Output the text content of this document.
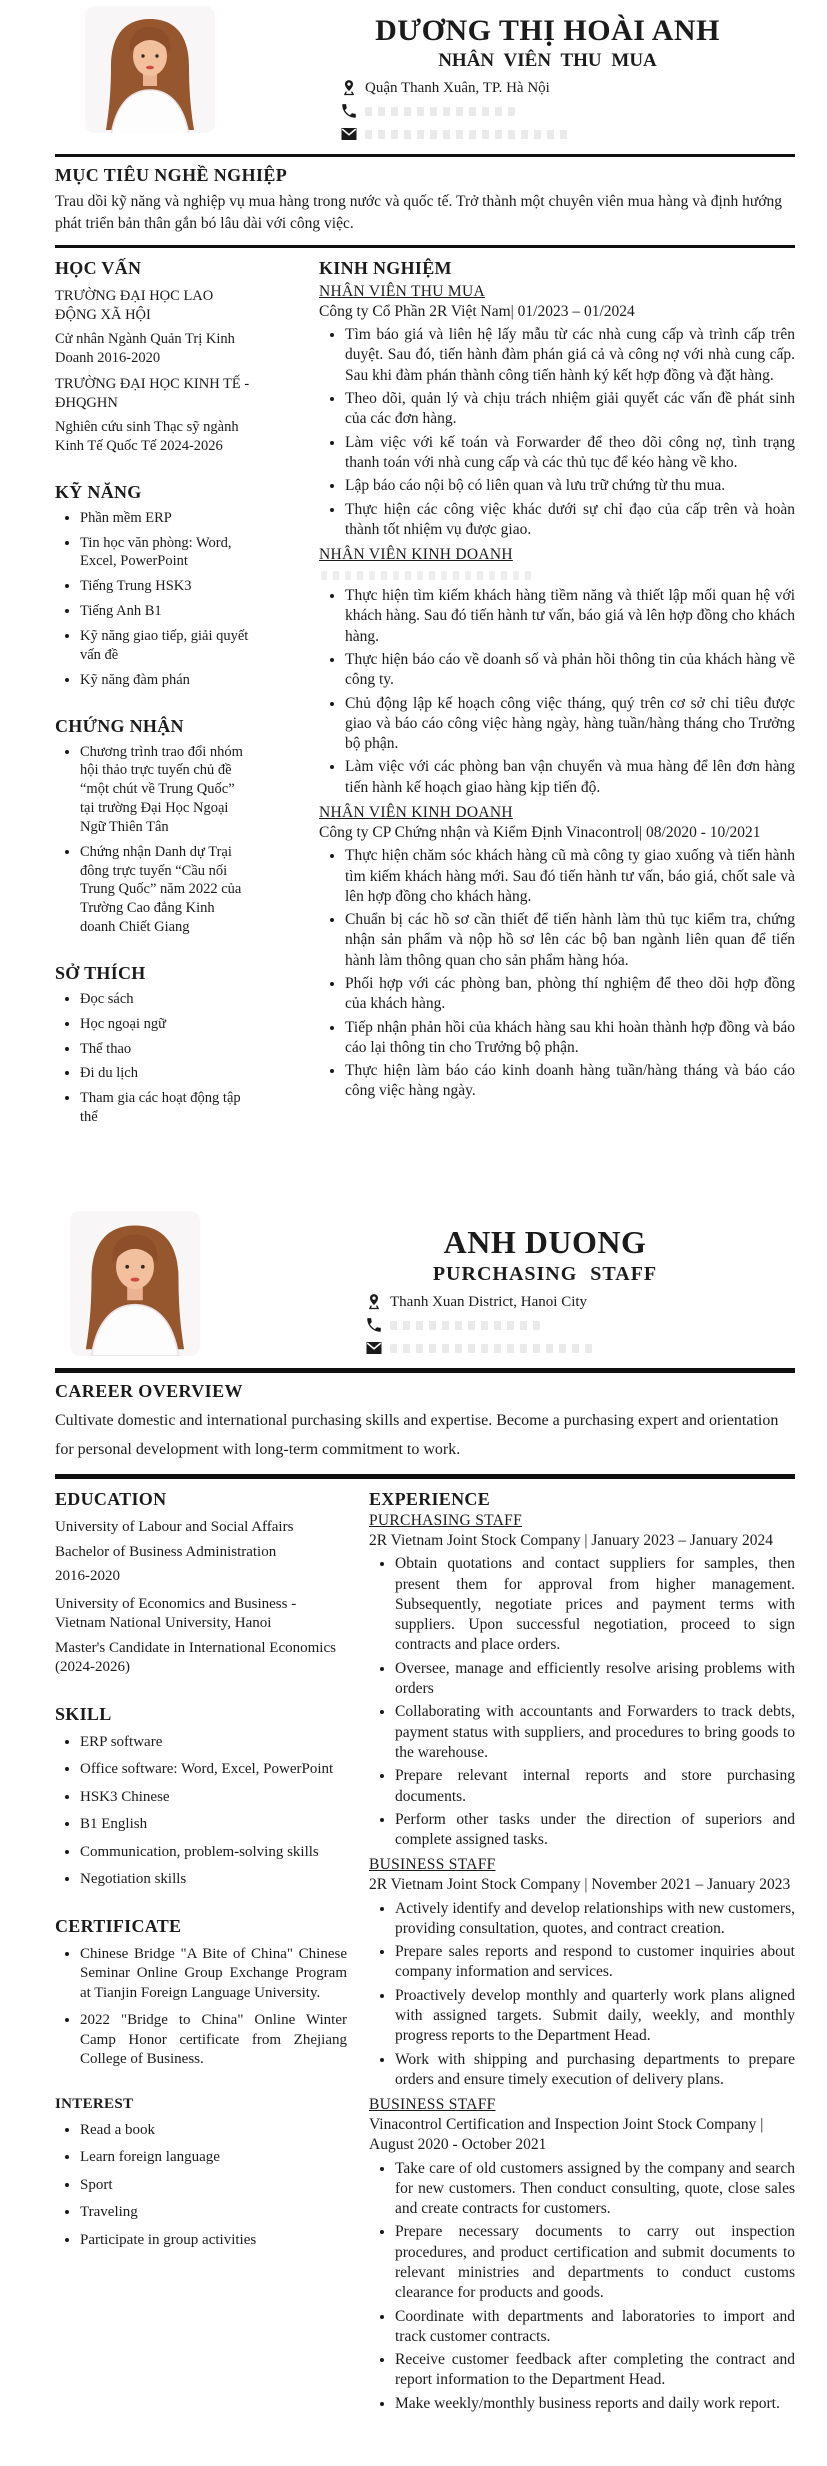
DƯƠNG THỊ HOÀI ANH
NHÂN VIÊN THU MUA
Quận Thanh Xuân, TP. Hà Nội
MỤC TIÊU NGHỀ NGHIỆP

Trau dồi kỹ năng và nghiệp vụ mua hàng trong nước và quốc tế. Trở thành một chuyên viên mua hàng và định hướng phát triển bản thân gắn bó lâu dài với công việc.

HỌC VẤN
TRƯỜNG ĐẠI HỌC LAO ĐỘNG XÃ HỘI
Cử nhân Ngành Quản Trị Kinh Doanh 2016-2020
TRƯỜNG ĐẠI HỌC KINH TẾ - ĐHQGHN
Nghiên cứu sinh Thạc sỹ ngành Kinh Tế Quốc Tế 2024-2026
KỸ NĂNG
• Phần mềm ERP
• Tin học văn phòng: Word, Excel, PowerPoint
• Tiếng Trung HSK3
• Tiếng Anh B1
• Kỹ năng giao tiếp, giải quyết vấn đề
• Kỹ năng đàm phán
CHỨNG NHẬN
• Chương trình trao đổi nhóm hội thảo trực tuyến chủ đề “một chút về Trung Quốc” tại trường Đại Học Ngoại Ngữ Thiên Tân
• Chứng nhận Danh dự Trại đông trực tuyến “Cầu nối Trung Quốc” năm 2022 của Trường Cao đẳng Kinh doanh Chiết Giang
SỞ THÍCH
• Đọc sách
• Học ngoại ngữ
• Thể thao
• Đi du lịch
• Tham gia các hoạt động tập thể
KINH NGHIỆM
NHÂN VIÊN THU MUA
Công ty Cổ Phần 2R Việt Nam| 01/2023 – 01/2024
• Tìm báo giá và liên hệ lấy mẫu từ các nhà cung cấp và trình cấp trên duyệt. Sau đó, tiến hành đàm phán giá cả và công nợ với nhà cung cấp. Sau khi đàm phán thành công tiến hành ký kết hợp đồng và đặt hàng.
• Theo dõi, quản lý và chịu trách nhiệm giải quyết các vấn đề phát sinh của các đơn hàng.
• Làm việc với kế toán và Forwarder để theo dõi công nợ, tình trạng thanh toán với nhà cung cấp và các thủ tục để kéo hàng về kho.
• Lập báo cáo nội bộ có liên quan và lưu trữ chứng từ thu mua.
• Thực hiện các công việc khác dưới sự chỉ đạo của cấp trên và hoàn thành tốt nhiệm vụ được giao.
NHÂN VIÊN KINH DOANH
• Thực hiện tìm kiếm khách hàng tiềm năng và thiết lập mối quan hệ với khách hàng. Sau đó tiến hành tư vấn, báo giá và lên hợp đồng cho khách hàng.
• Thực hiện báo cáo về doanh số và phản hồi thông tin của khách hàng về công ty.
• Chủ động lập kế hoạch công việc tháng, quý trên cơ sở chỉ tiêu được giao và báo cáo công việc hàng ngày, hàng tuần/hàng tháng cho Trưởng bộ phận.
• Làm việc với các phòng ban vận chuyển và mua hàng để lên đơn hàng tiến hành kế hoạch giao hàng kịp tiến độ.
NHÂN VIÊN KINH DOANH
Công ty CP Chứng nhận và Kiểm Định Vinacontrol| 08/2020 - 10/2021
• Thực hiện chăm sóc khách hàng cũ mà công ty giao xuống và tiến hành tìm kiếm khách hàng mới. Sau đó tiến hành tư vấn, báo giá, chốt sale và lên hợp đồng cho khách hàng.
• Chuẩn bị các hồ sơ cần thiết để tiến hành làm thủ tục kiểm tra, chứng nhận sản phẩm và nộp hồ sơ lên các bộ ban ngành liên quan để tiến hành làm thông quan cho sản phẩm hàng hóa.
• Phối hợp với các phòng ban, phòng thí nghiệm để theo dõi hợp đồng của khách hàng.
• Tiếp nhận phản hồi của khách hàng sau khi hoàn thành hợp đồng và báo cáo lại thông tin cho Trưởng bộ phận.
• Thực hiện làm báo cáo kinh doanh hàng tuần/hàng tháng và báo cáo công việc hàng ngày.
ANH DUONG
PURCHASING STAFF
Thanh Xuan District, Hanoi City
CAREER OVERVIEW

Cultivate domestic and international purchasing skills and expertise. Become a purchasing expert and orientation for personal development with long-term commitment to work.

EDUCATION
University of Labour and Social Affairs
Bachelor of Business Administration
2016-2020
University of Economics and Business - Vietnam National University, Hanoi
Master's Candidate in International Economics (2024-2026)
SKILL
• ERP software
• Office software: Word, Excel, PowerPoint
• HSK3 Chinese
• B1 English
• Communication, problem-solving skills
• Negotiation skills
CERTIFICATE
• Chinese Bridge "A Bite of China" Chinese Seminar Online Group Exchange Program at Tianjin Foreign Language University.
• 2022 "Bridge to China" Online Winter Camp Honor certificate from Zhejiang College of Business.
INTEREST
• Read a book
• Learn foreign language
• Sport
• Traveling
• Participate in group activities
EXPERIENCE
PURCHASING STAFF
2R Vietnam Joint Stock Company | January 2023 – January 2024
• Obtain quotations and contact suppliers for samples, then present them for approval from higher management. Subsequently, negotiate prices and payment terms with suppliers. Upon successful negotiation, proceed to sign contracts and place orders.
• Oversee, manage and efficiently resolve arising problems with orders
• Collaborating with accountants and Forwarders to track debts, payment status with suppliers, and procedures to bring goods to the warehouse.
• Prepare relevant internal reports and store purchasing documents.
• Perform other tasks under the direction of superiors and complete assigned tasks.
BUSINESS STAFF
2R Vietnam Joint Stock Company | November 2021 – January 2023
• Actively identify and develop relationships with new customers, providing consultation, quotes, and contract creation.
• Prepare sales reports and respond to customer inquiries about company information and services.
• Proactively develop monthly and quarterly work plans aligned with assigned targets. Submit daily, weekly, and monthly progress reports to the Department Head.
• Work with shipping and purchasing departments to prepare orders and ensure timely execution of delivery plans.
BUSINESS STAFF
Vinacontrol Certification and Inspection Joint Stock Company | August 2020 - October 2021
• Take care of old customers assigned by the company and search for new customers. Then conduct consulting, quote, close sales and create contracts for customers.
• Prepare necessary documents to carry out inspection procedures, and product certification and submit documents to relevant ministries and departments to conduct customs clearance for products and goods.
• Coordinate with departments and laboratories to import and track customer contracts.
• Receive customer feedback after completing the contract and report information to the Department Head.
• Make weekly/monthly business reports and daily work report.
